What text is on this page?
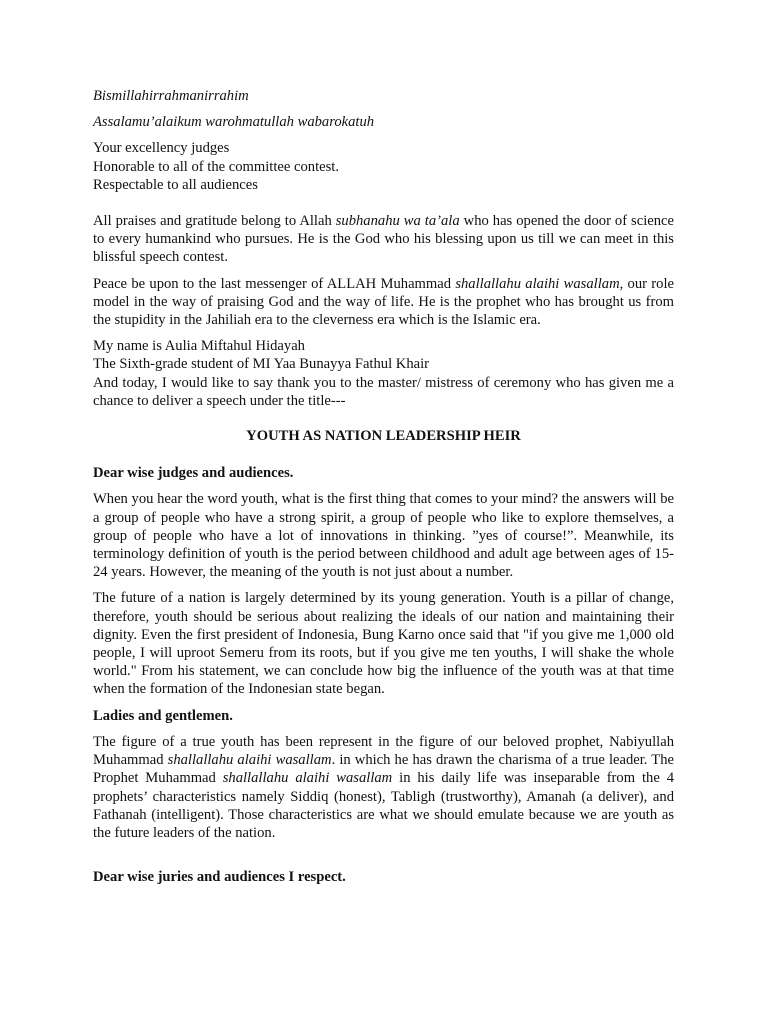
Bismillahirrahmanirrahim

Assalamu’alaikum warohmatullah wabarokatuh

Your excellency judges
Honorable to all of the committee contest.
Respectable to all audiences

All praises and gratitude belong to Allah subhanahu wa ta’ala who has opened the door of science to every humankind who pursues. He is the God who his blessing upon us till we can meet in this blissful speech contest.

Peace be upon to the last messenger of ALLAH Muhammad shallallahu alaihi wasallam, our role model in the way of praising God and the way of life. He is the prophet who has brought us from the stupidity in the Jahiliah era to the cleverness era which is the Islamic era.

My name is Aulia Miftahul Hidayah
The Sixth-grade student of MI Yaa Bunayya Fathul Khair
And today, I would like to say thank you to the master/ mistress of ceremony who has given me a chance to deliver a speech under the title---

YOUTH AS NATION LEADERSHIP HEIR

Dear wise judges and audiences.

When you hear the word youth, what is the first thing that comes to your mind? the answers will be a group of people who have a strong spirit, a group of people who like to explore themselves, a group of people who have a lot of innovations in thinking. ”yes of course!”. Meanwhile, its terminology definition of youth is the period between childhood and adult age between ages of 15-24 years. However, the meaning of the youth is not just about a number.

The future of a nation is largely determined by its young generation. Youth is a pillar of change, therefore, youth should be serious about realizing the ideals of our nation and maintaining their dignity. Even the first president of Indonesia, Bung Karno once said that "if you give me 1,000 old people, I will uproot Semeru from its roots, but if you give me ten youths, I will shake the whole world." From his statement, we can conclude how big the influence of the youth was at that time when the formation of the Indonesian state began.

Ladies and gentlemen.

The figure of a true youth has been represent in the figure of our beloved prophet, Nabiyullah Muhammad shallallahu alaihi wasallam. in which he has drawn the charisma of a true leader. The Prophet Muhammad shallallahu alaihi wasallam in his daily life was inseparable from the 4 prophets’ characteristics namely Siddiq (honest), Tabligh (trustworthy), Amanah (a deliver), and Fathanah (intelligent). Those characteristics are what we should emulate because we are youth as the future leaders of the nation.

Dear wise juries and audiences I respect.
